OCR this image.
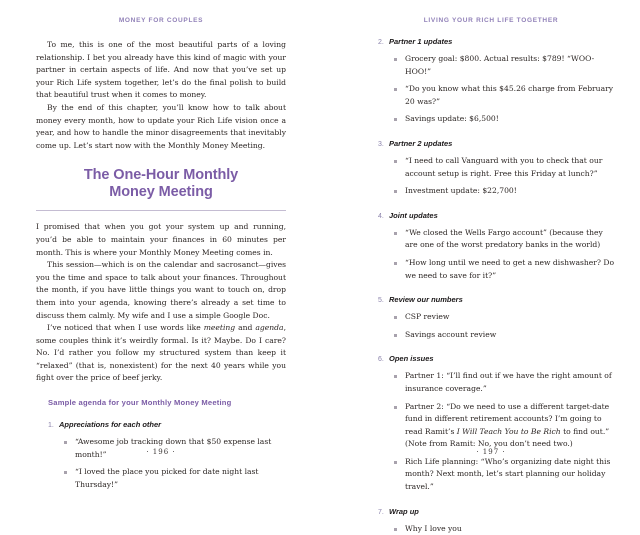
MONEY FOR COUPLES

To me, this is one of the most beautiful parts of a loving relationship. I bet you already have this kind of magic with your partner in certain aspects of life. And now that you’ve set up your Rich Life system together, let’s do the final polish to build that beautiful trust when it comes to money.

By the end of this chapter, you’ll know how to talk about money every month, how to update your Rich Life vision once a year, and how to handle the minor disagreements that inevitably come up. Let’s start now with the Monthly Money Meeting.

The One-Hour Monthly
Money Meeting

I promised that when you got your system up and running, you’d be able to maintain your finances in 60 minutes per month. This is where your Monthly Money Meeting comes in.

This session—which is on the calendar and sacrosanct—gives you the time and space to talk about your finances. Throughout the month, if you have little things you want to touch on, drop them into your agenda, knowing there’s already a set time to discuss them calmly. My wife and I use a simple Google Doc.

I’ve noticed that when I use words like meeting and agenda, some couples think it’s weirdly formal. Is it? Maybe. Do I care? No. I’d rather you follow my structured system than keep it “relaxed” (that is, nonexistent) for the next 40 years while you fight over the price of beef jerky.

Sample agenda for your Monthly Money Meeting
1. Appreciations for each other
“Awesome job tracking down that $50 expense last month!”
“I loved the place you picked for date night last Thursday!”
· 196 ·
LIVING YOUR RICH LIFE TOGETHER
2. Partner 1 updates
Grocery goal: $800. Actual results: $789! “WOO-HOO!”
“Do you know what this $45.26 charge from February 20 was?”
Savings update: $6,500!
3. Partner 2 updates
“I need to call Vanguard with you to check that our account setup is right. Free this Friday at lunch?”
Investment update: $22,700!
4. Joint updates
“We closed the Wells Fargo account” (because they are one of the worst predatory banks in the world)
“How long until we need to get a new dishwasher? Do we need to save for it?”
5. Review our numbers
CSP review
Savings account review
6. Open issues
Partner 1: “I’ll find out if we have the right amount of insurance coverage.”
Partner 2: “Do we need to use a different target-date fund in different retirement accounts? I’m going to read Ramit’s I Will Teach You to Be Rich to find out.” (Note from Ramit: No, you don’t need two.)
Rich Life planning: “Who’s organizing date night this month? Next month, let’s start planning our holiday travel.”
7. Wrap up
Why I love you
· 197 ·
